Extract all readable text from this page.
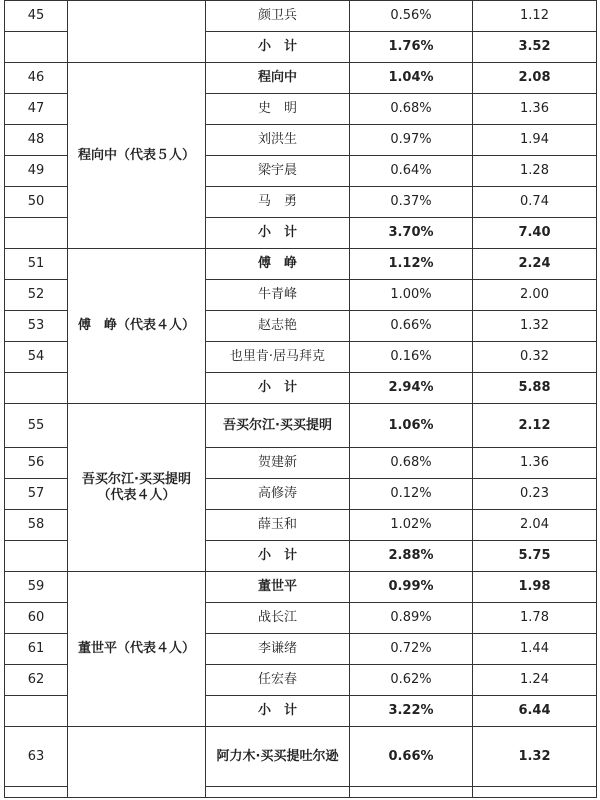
45		颜卫兵	0.56%	1.12
		小　计	1.76%	3.52
46	程向中（代表５人）	程向中	1.04%	2.08
47		史　明	0.68%	1.36
48		刘洪生	0.97%	1.94
49		梁宇晨	0.64%	1.28
50		马　勇	0.37%	0.74
		小　计	3.70%	7.40
51	傅　峥（代表４人）	傅　峥	1.12%	2.24
52		牛青峰	1.00%	2.00
53		赵志艳	0.66%	1.32
54		也里肯·居马拜克	0.16%	0.32
		小　计	2.94%	5.88
55	吾买尔江·买买提明（代表４人）	吾买尔江·买买提明	1.06%	2.12
56		贺建新	0.68%	1.36
57		高修涛	0.12%	0.23
58		薛玉和	1.02%	2.04
		小　计	2.88%	5.75
59	董世平（代表４人）	董世平	0.99%	1.98
60		战长江	0.89%	1.78
61		李谦绪	0.72%	1.44
62		任宏春	0.62%	1.24
		小　计	3.22%	6.44
63		阿力木·买买提吐尔逊	0.66%	1.32
